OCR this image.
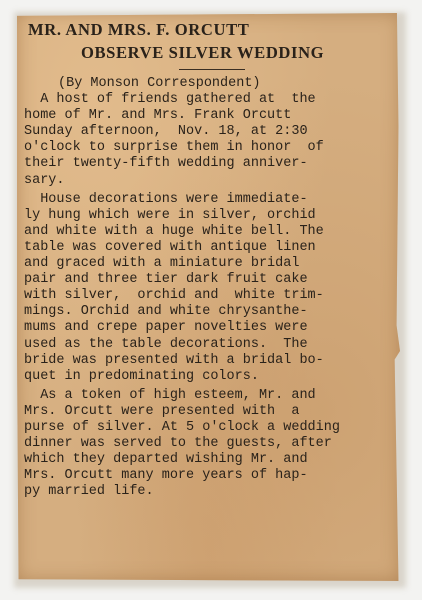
MR. AND MRS. F. ORCUTT
OBSERVE SILVER WEDDING
(By Monson Correspondent)
A host of friends gathered at  the
home of Mr. and Mrs. Frank Orcutt
Sunday afternoon,  Nov. 18, at 2:30
o'clock to surprise them in honor  of
their twenty-fifth wedding anniver-
sary.
House decorations were immediate-
ly hung which were in silver, orchid
and white with a huge white bell. The
table was covered with antique linen
and graced with a miniature bridal
pair and three tier dark fruit cake
with silver,  orchid and  white trim-
mings. Orchid and white chrysanthe-
mums and crepe paper novelties were
used as the table decorations.  The
bride was presented with a bridal bo-
quet in predominating colors.
As a token of high esteem, Mr. and
Mrs. Orcutt were presented with  a
purse of silver. At 5 o'clock a wedding
dinner was served to the guests, after
which they departed wishing Mr. and
Mrs. Orcutt many more years of hap-
py married life.
